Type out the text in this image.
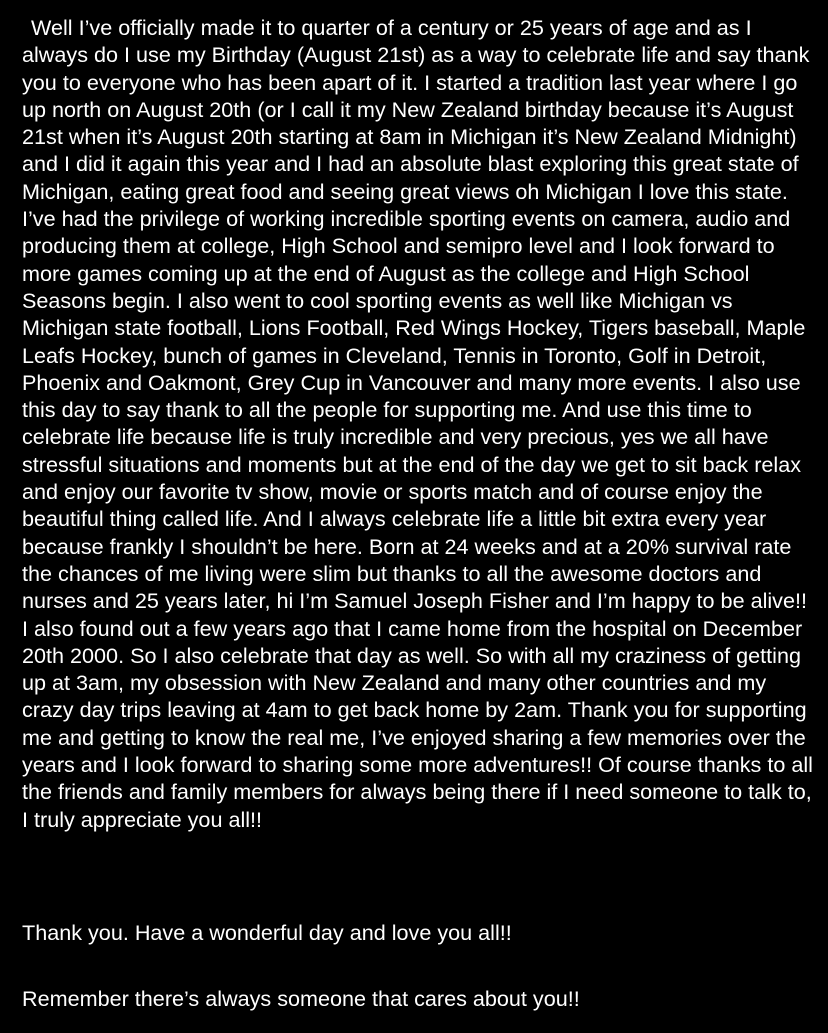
Well I’ve officially made it to quarter of a century or 25 years of age and as I always do I use my Birthday (August 21st) as a way to celebrate life and say thank you to everyone who has been apart of it. I started a tradition last year where I go up north on August 20th (or I call it my New Zealand birthday because it’s August 21st when it’s August 20th starting at 8am in Michigan it’s New Zealand Midnight) and I did it again this year and I had an absolute blast exploring this great state of Michigan, eating great food and seeing great views oh Michigan I love this state. I’ve had the privilege of working incredible sporting events on camera, audio and producing them at college, High School and semipro level and I look forward to more games coming up at the end of August as the college and High School Seasons begin. I also went to cool sporting events as well like Michigan vs Michigan state football, Lions Football, Red Wings Hockey, Tigers baseball, Maple Leafs Hockey, bunch of games in Cleveland, Tennis in Toronto, Golf in Detroit, Phoenix and Oakmont, Grey Cup in Vancouver and many more events. I also use this day to say thank to all the people for supporting me. And use this time to celebrate life because life is truly incredible and very precious, yes we all have stressful situations and moments but at the end of the day we get to sit back relax and enjoy our favorite tv show, movie or sports match and of course enjoy the beautiful thing called life. And I always celebrate life a little bit extra every year because frankly I shouldn’t be here. Born at 24 weeks and at a 20% survival rate the chances of me living were slim but thanks to all the awesome doctors and nurses and 25 years later, hi I’m Samuel Joseph Fisher and I’m happy to be alive!! I also found out a few years ago that I came home from the hospital on December 20th 2000. So I also celebrate that day as well. So with all my craziness of getting up at 3am, my obsession with New Zealand and many other countries and my crazy day trips leaving at 4am to get back home by 2am. Thank you for supporting me and getting to know the real me, I’ve enjoyed sharing a few memories over the years and I look forward to sharing some more adventures!! Of course thanks to all the friends and family members for always being there if I need someone to talk to, I truly appreciate you all!!

Thank you. Have a wonderful day and love you all!!

Remember there’s always someone that cares about you!!
